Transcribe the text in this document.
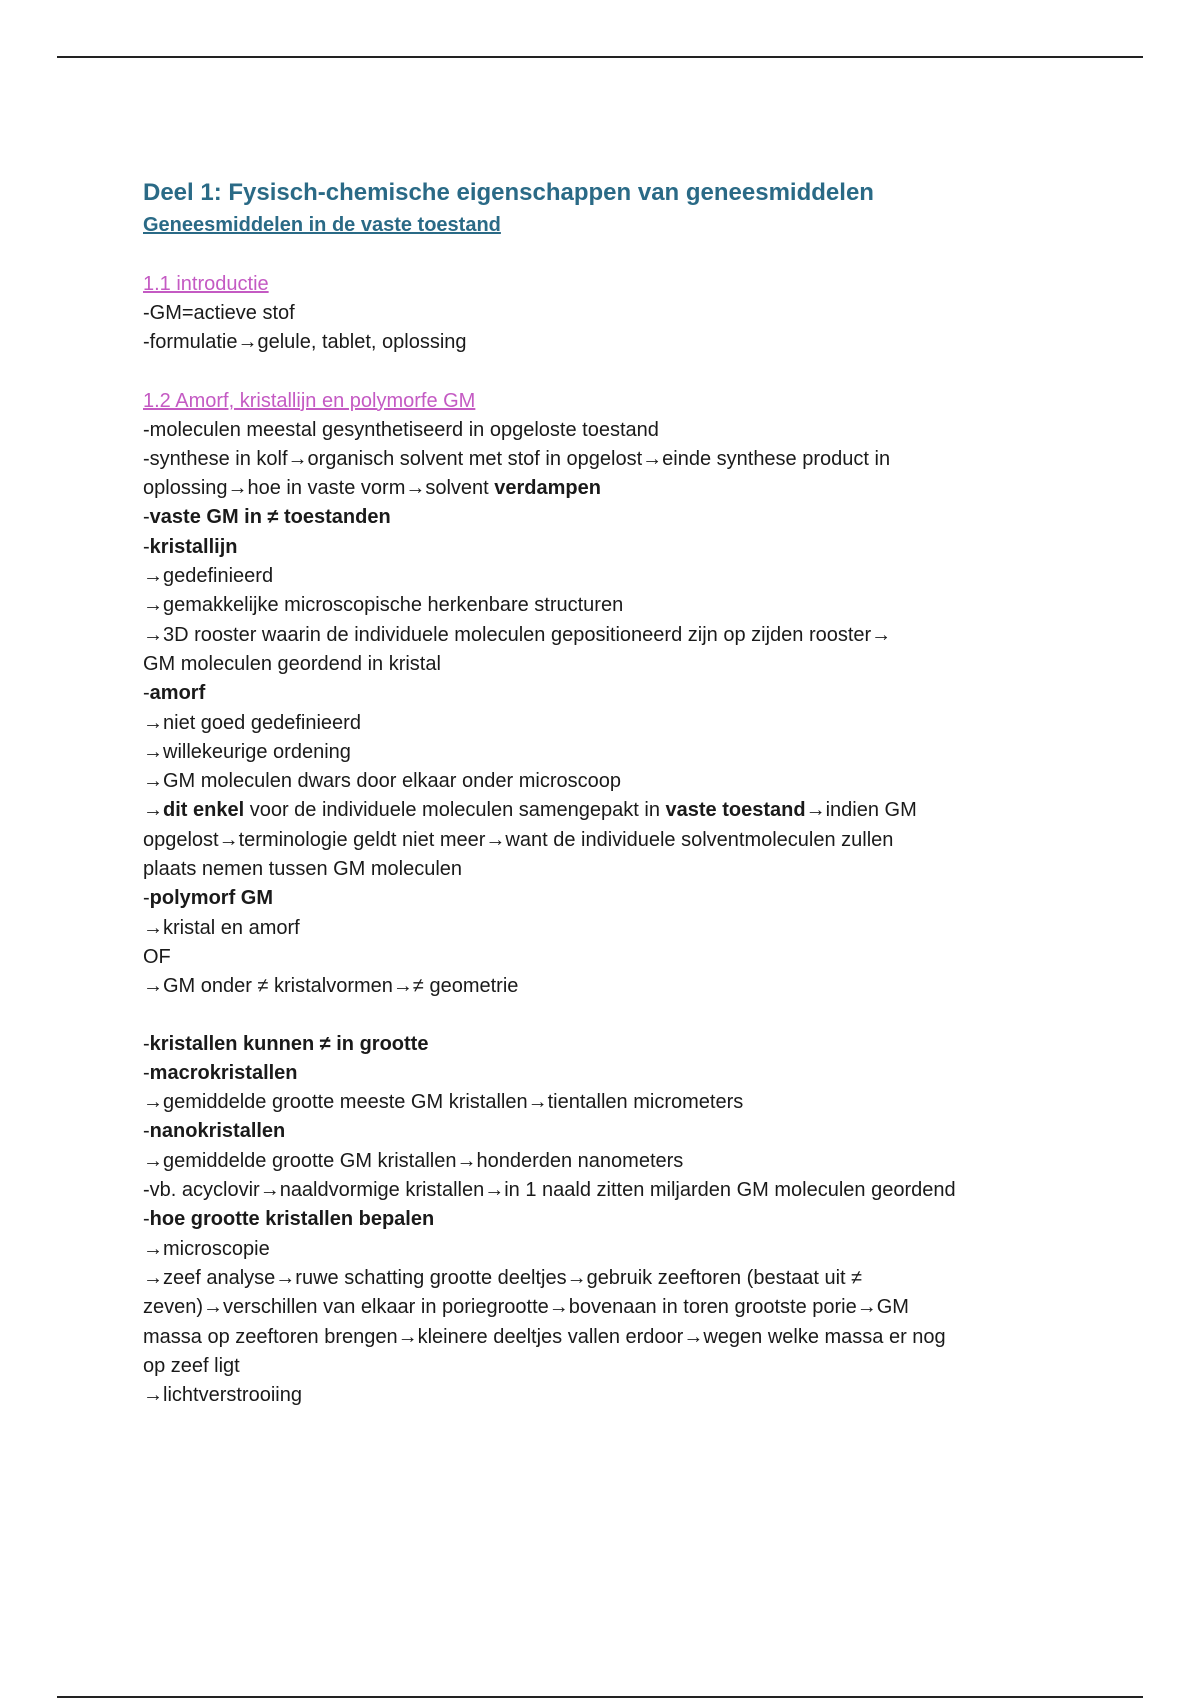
Deel 1: Fysisch-chemische eigenschappen van geneesmiddelen
Geneesmiddelen in de vaste toestand
1.1 introductie
-GM=actieve stof
-formulatie→gelule, tablet, oplossing
1.2 Amorf, kristallijn en polymorfe GM
-moleculen meestal gesynthetiseerd in opgeloste toestand
-synthese in kolf→organisch solvent met stof in opgelost→einde synthese product in
oplossing→hoe in vaste vorm→solvent verdampen
-vaste GM in ≠ toestanden
-kristallijn
→gedefinieerd
→gemakkelijke microscopische herkenbare structuren
→3D rooster waarin de individuele moleculen gepositioneerd zijn op zijden rooster→
GM moleculen geordend in kristal
-amorf
→niet goed gedefinieerd
→willekeurige ordening
→GM moleculen dwars door elkaar onder microscoop
→dit enkel voor de individuele moleculen samengepakt in vaste toestand→indien GM
opgelost→terminologie geldt niet meer→want de individuele solventmoleculen zullen
plaats nemen tussen GM moleculen
-polymorf GM
→kristal en amorf
OF
→GM onder ≠ kristalvormen→≠ geometrie
-kristallen kunnen ≠ in grootte
-macrokristallen
→gemiddelde grootte meeste GM kristallen→tientallen micrometers
-nanokristallen
→gemiddelde grootte GM kristallen→honderden nanometers
-vb. acyclovir→naaldvormige kristallen→in 1 naald zitten miljarden GM moleculen geordend
-hoe grootte kristallen bepalen
→microscopie
→zeef analyse→ruwe schatting grootte deeltjes→gebruik zeeftoren (bestaat uit ≠
zeven)→verschillen van elkaar in poriegrootte→bovenaan in toren grootste porie→GM
massa op zeeftoren brengen→kleinere deeltjes vallen erdoor→wegen welke massa er nog
op zeef ligt
→lichtverstrooiing
